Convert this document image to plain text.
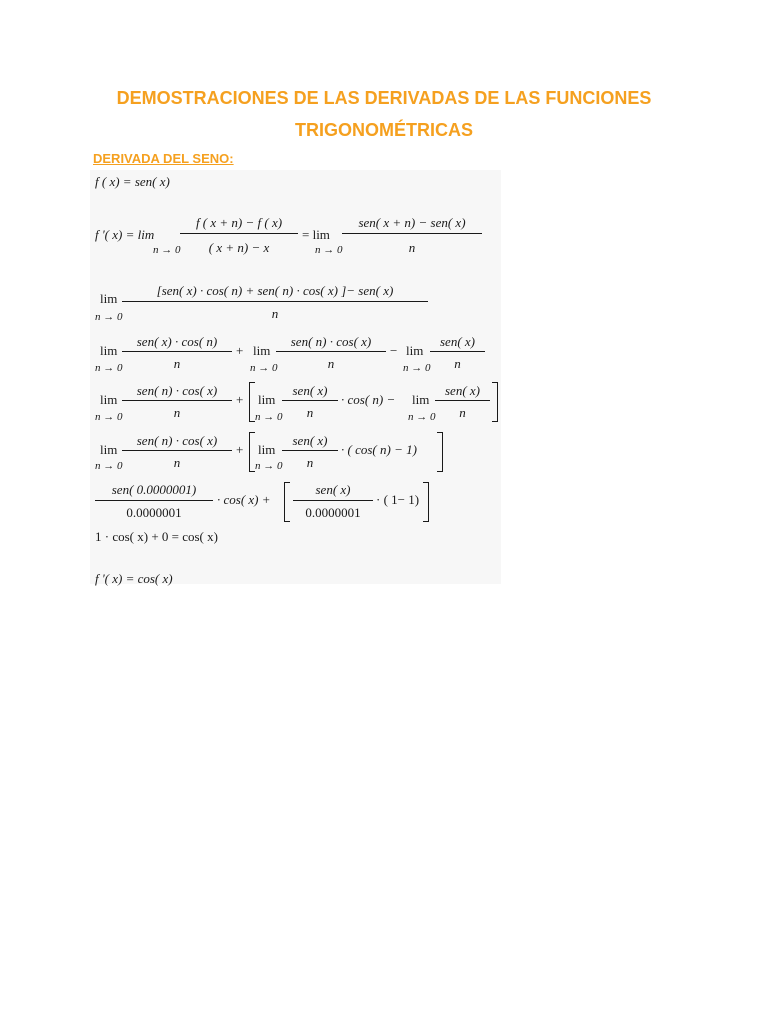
DEMOSTRACIONES DE LAS DERIVADAS DE LAS FUNCIONES
TRIGONOMÉTRICAS
DERIVADA DEL SENO:
f ( x) = sen( x)
f '( x) = lim
n → 0
f ( x + n) − f ( x)
( x + n) − x
= lim
n → 0
sen( x + n) − sen( x)
n
lim
n → 0
[sen( x) · cos( n) + sen( n) · cos( x) ]− sen( x)
n
lim
n → 0
sen( x) · cos( n)
n
+ lim
n → 0
sen( n) · cos( x)
n
− lim
n → 0
sen( x)
n
lim
n → 0
sen( n) · cos( x)
n
+ lim
n → 0
sen( x)
n
· cos( n) − lim
n → 0
sen( x)
n
lim
n → 0
sen( n) · cos( x)
n
+ lim
n → 0
sen( x)
n
· ( cos( n) − 1)
sen( 0.0000001)
0.0000001
· cos( x) +
sen( x)
0.0000001
· ( 1− 1)
1 · cos( x) + 0 = cos( x)
f '( x) = cos( x)
